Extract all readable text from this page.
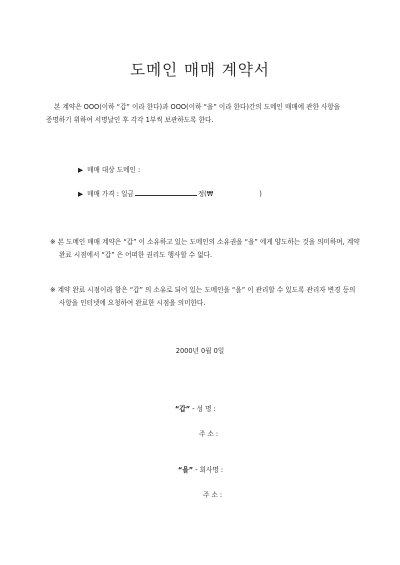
도메인 매매 계약서
본 계약은 OOO(이하 “갑” 이라 한다)과 OOO(이하 “을” 이라 한다)간의 도메인 매매에 관한 사항을 증명하기 위하여 서명날인 후 각각 1부씩 보관하도록 한다.
▶ 매매 대상 도메인 :
▶ 매매 가격 : 일금	정(₩	)
※ 본 도메인 매매 계약은 “갑” 이 소유하고 있는 도메인의 소유권을 “을” 에게 양도하는 것을 의미하며, 계약 완료 시점에서 “갑” 은 어떠한 권리도 행사할 수 없다.
※ 계약 완료 시점이라 함은 “갑” 의 소유로 되어 있는 도메인을 “을” 이 관리할 수 있도록 관리자 변경 등의 사항을 인터넷에 요청하여 완료한 시점을 의미한다.
2000년 0월 0일
“갑” - 성 명 :
주 소 :
“을” - 회사명 :
주 소 :
